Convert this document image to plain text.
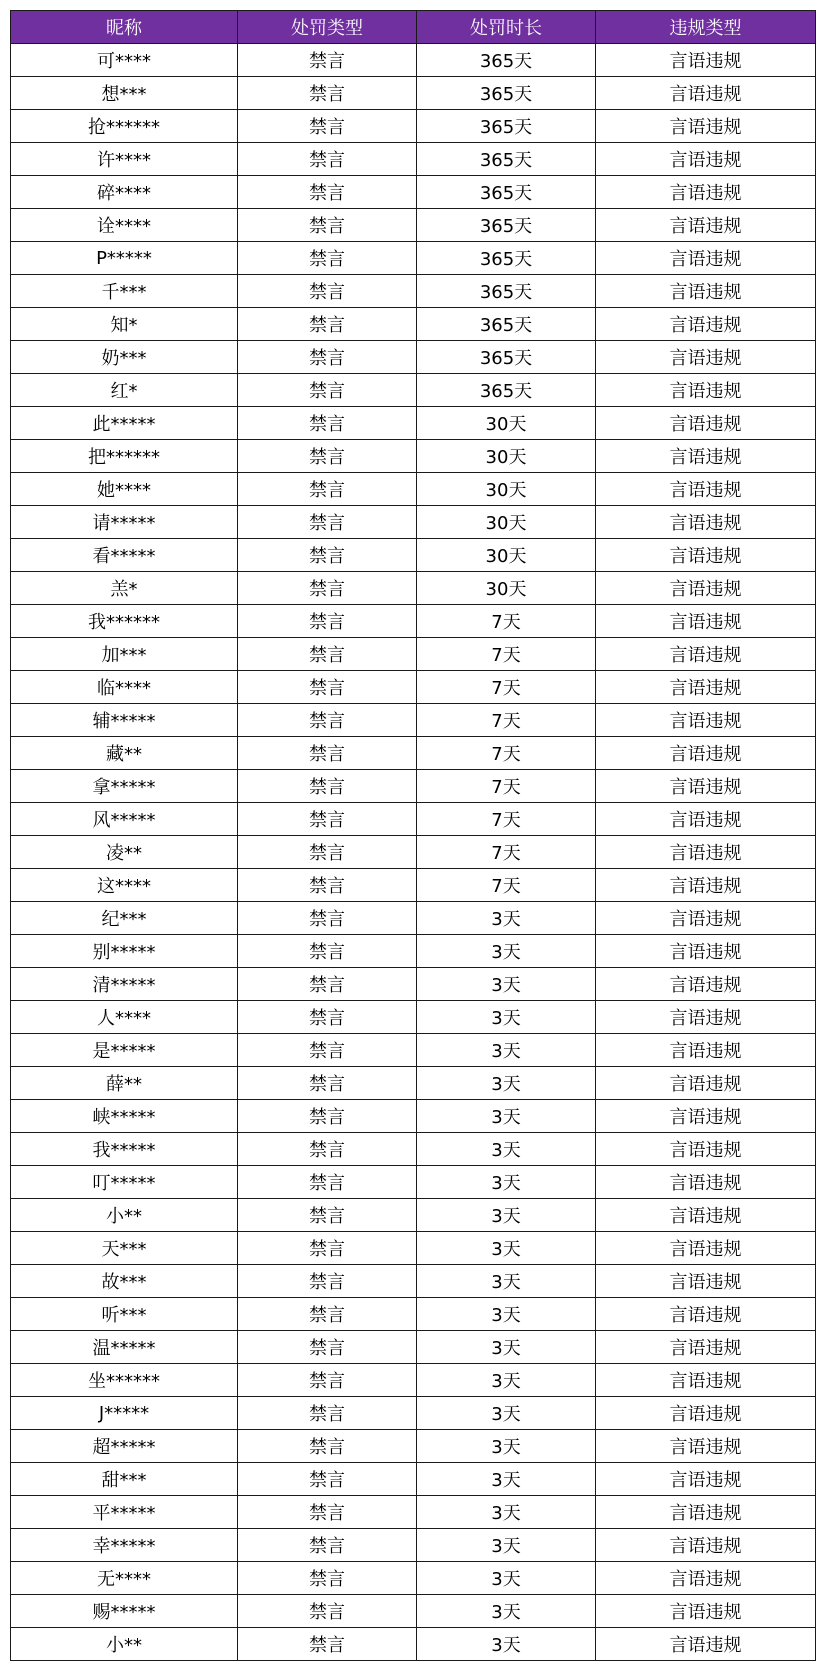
昵称	处罚类型	处罚时长	违规类型
可****	禁言	365天	言语违规
想***	禁言	365天	言语违规
抢******	禁言	365天	言语违规
许****	禁言	365天	言语违规
碎****	禁言	365天	言语违规
诠****	禁言	365天	言语违规
P*****	禁言	365天	言语违规
千***	禁言	365天	言语违规
知*	禁言	365天	言语违规
奶***	禁言	365天	言语违规
红*	禁言	365天	言语违规
此*****	禁言	30天	言语违规
把******	禁言	30天	言语违规
她****	禁言	30天	言语违规
请*****	禁言	30天	言语违规
看*****	禁言	30天	言语违规
羔*	禁言	30天	言语违规
我******	禁言	7天	言语违规
加***	禁言	7天	言语违规
临****	禁言	7天	言语违规
辅*****	禁言	7天	言语违规
藏**	禁言	7天	言语违规
拿*****	禁言	7天	言语违规
风*****	禁言	7天	言语违规
凌**	禁言	7天	言语违规
这****	禁言	7天	言语违规
纪***	禁言	3天	言语违规
别*****	禁言	3天	言语违规
清*****	禁言	3天	言语违规
人****	禁言	3天	言语违规
是*****	禁言	3天	言语违规
薛**	禁言	3天	言语违规
峡*****	禁言	3天	言语违规
我*****	禁言	3天	言语违规
叮*****	禁言	3天	言语违规
小**	禁言	3天	言语违规
天***	禁言	3天	言语违规
故***	禁言	3天	言语违规
听***	禁言	3天	言语违规
温*****	禁言	3天	言语违规
坐******	禁言	3天	言语违规
J*****	禁言	3天	言语违规
超*****	禁言	3天	言语违规
甜***	禁言	3天	言语违规
平*****	禁言	3天	言语违规
幸*****	禁言	3天	言语违规
无****	禁言	3天	言语违规
赐*****	禁言	3天	言语违规
小**	禁言	3天	言语违规
